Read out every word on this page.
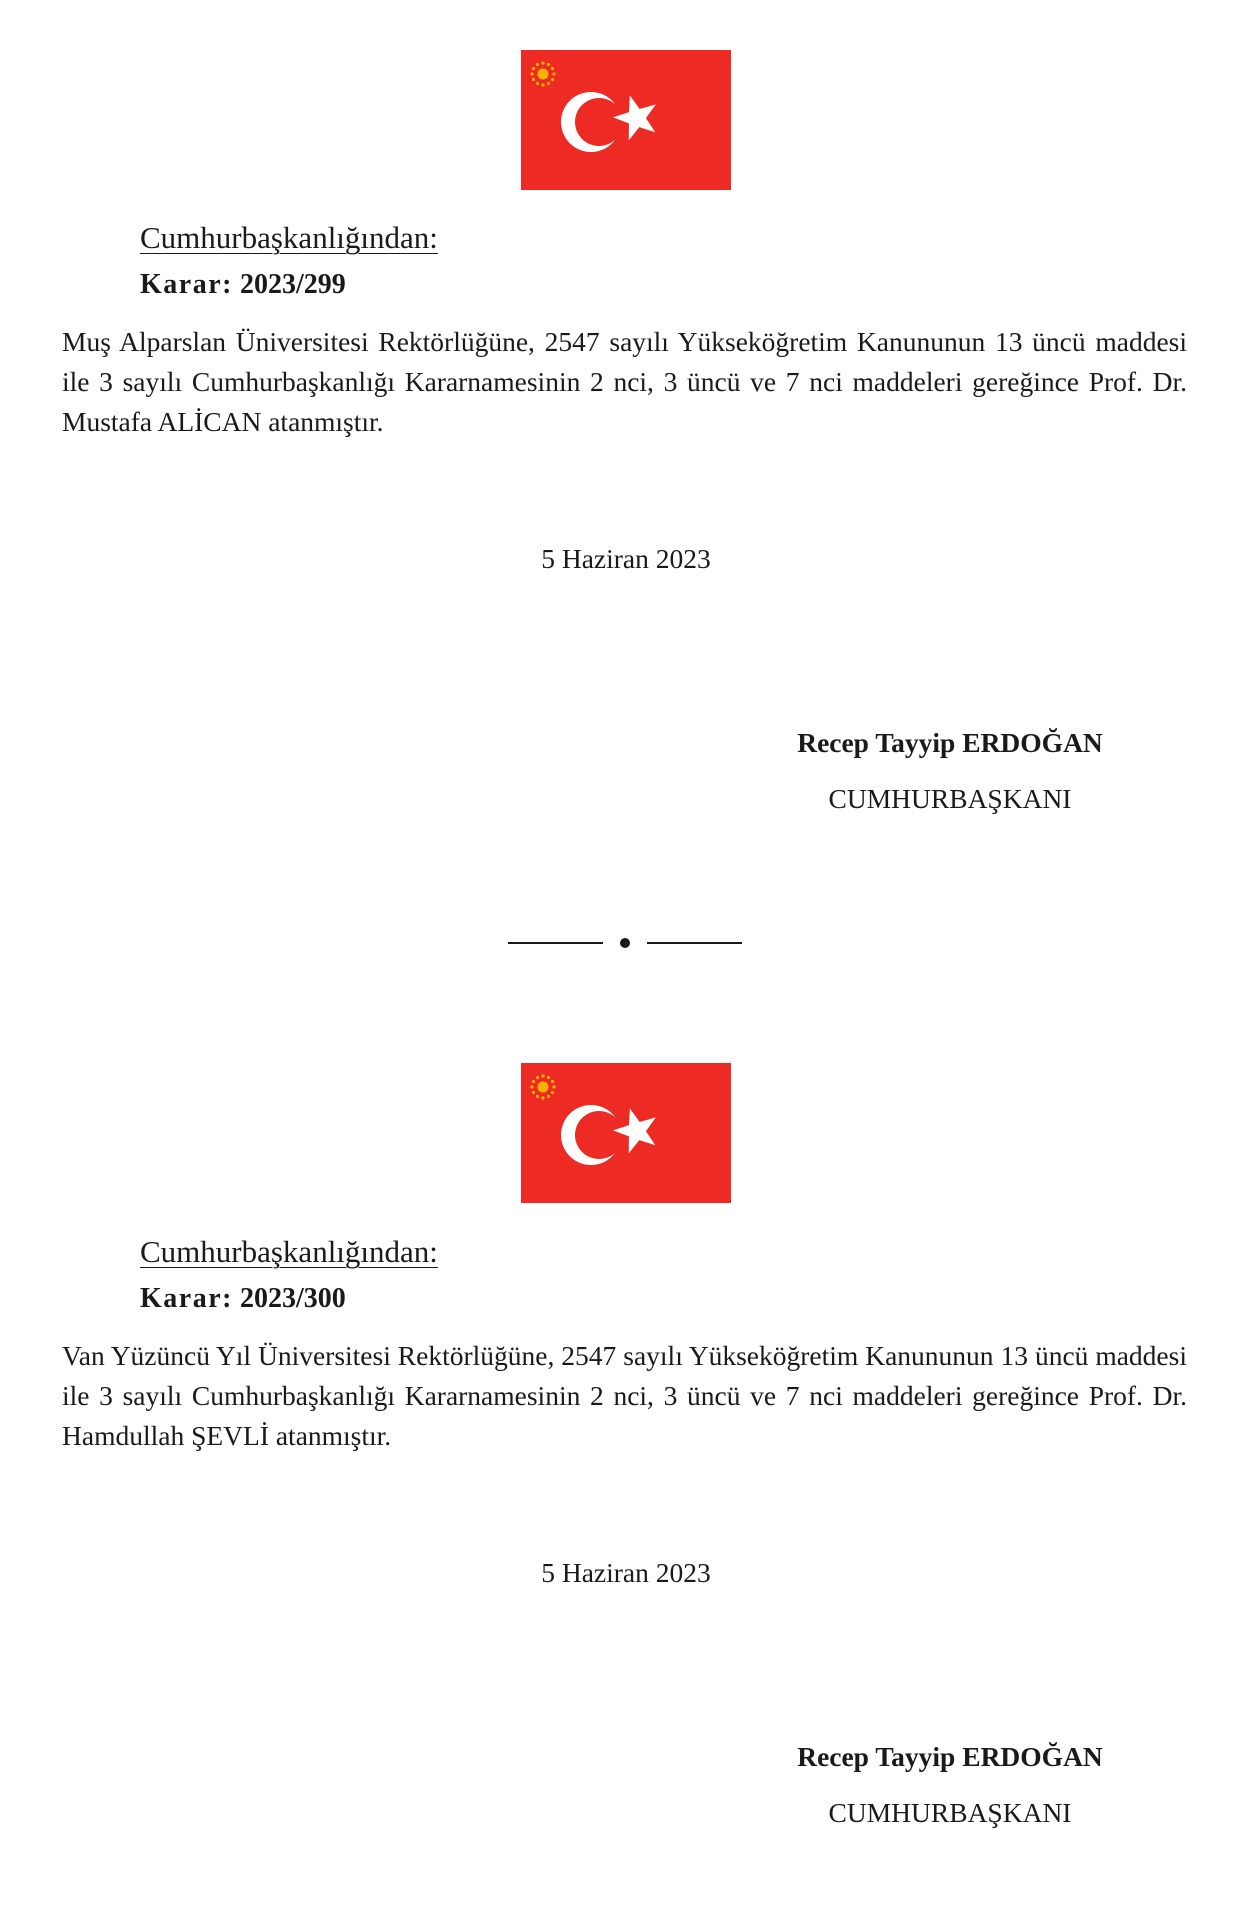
Cumhurbaşkanlığından:
Karar: 2023/299
Muş Alparslan Üniversitesi Rektörlüğüne, 2547 sayılı Yükseköğretim Kanununun 13 üncü maddesi ile 3 sayılı Cumhurbaşkanlığı Kararnamesinin 2 nci, 3 üncü ve 7 nci maddeleri gereğince Prof. Dr. Mustafa ALİCAN atanmıştır.
5 Haziran 2023
Recep Tayyip ERDOĞAN
CUMHURBAŞKANI
Cumhurbaşkanlığından:
Karar: 2023/300
Van Yüzüncü Yıl Üniversitesi Rektörlüğüne, 2547 sayılı Yükseköğretim Kanununun 13 üncü maddesi ile 3 sayılı Cumhurbaşkanlığı Kararnamesinin 2 nci, 3 üncü ve 7 nci maddeleri gereğince Prof. Dr. Hamdullah ŞEVLİ atanmıştır.
5 Haziran 2023
Recep Tayyip ERDOĞAN
CUMHURBAŞKANI
